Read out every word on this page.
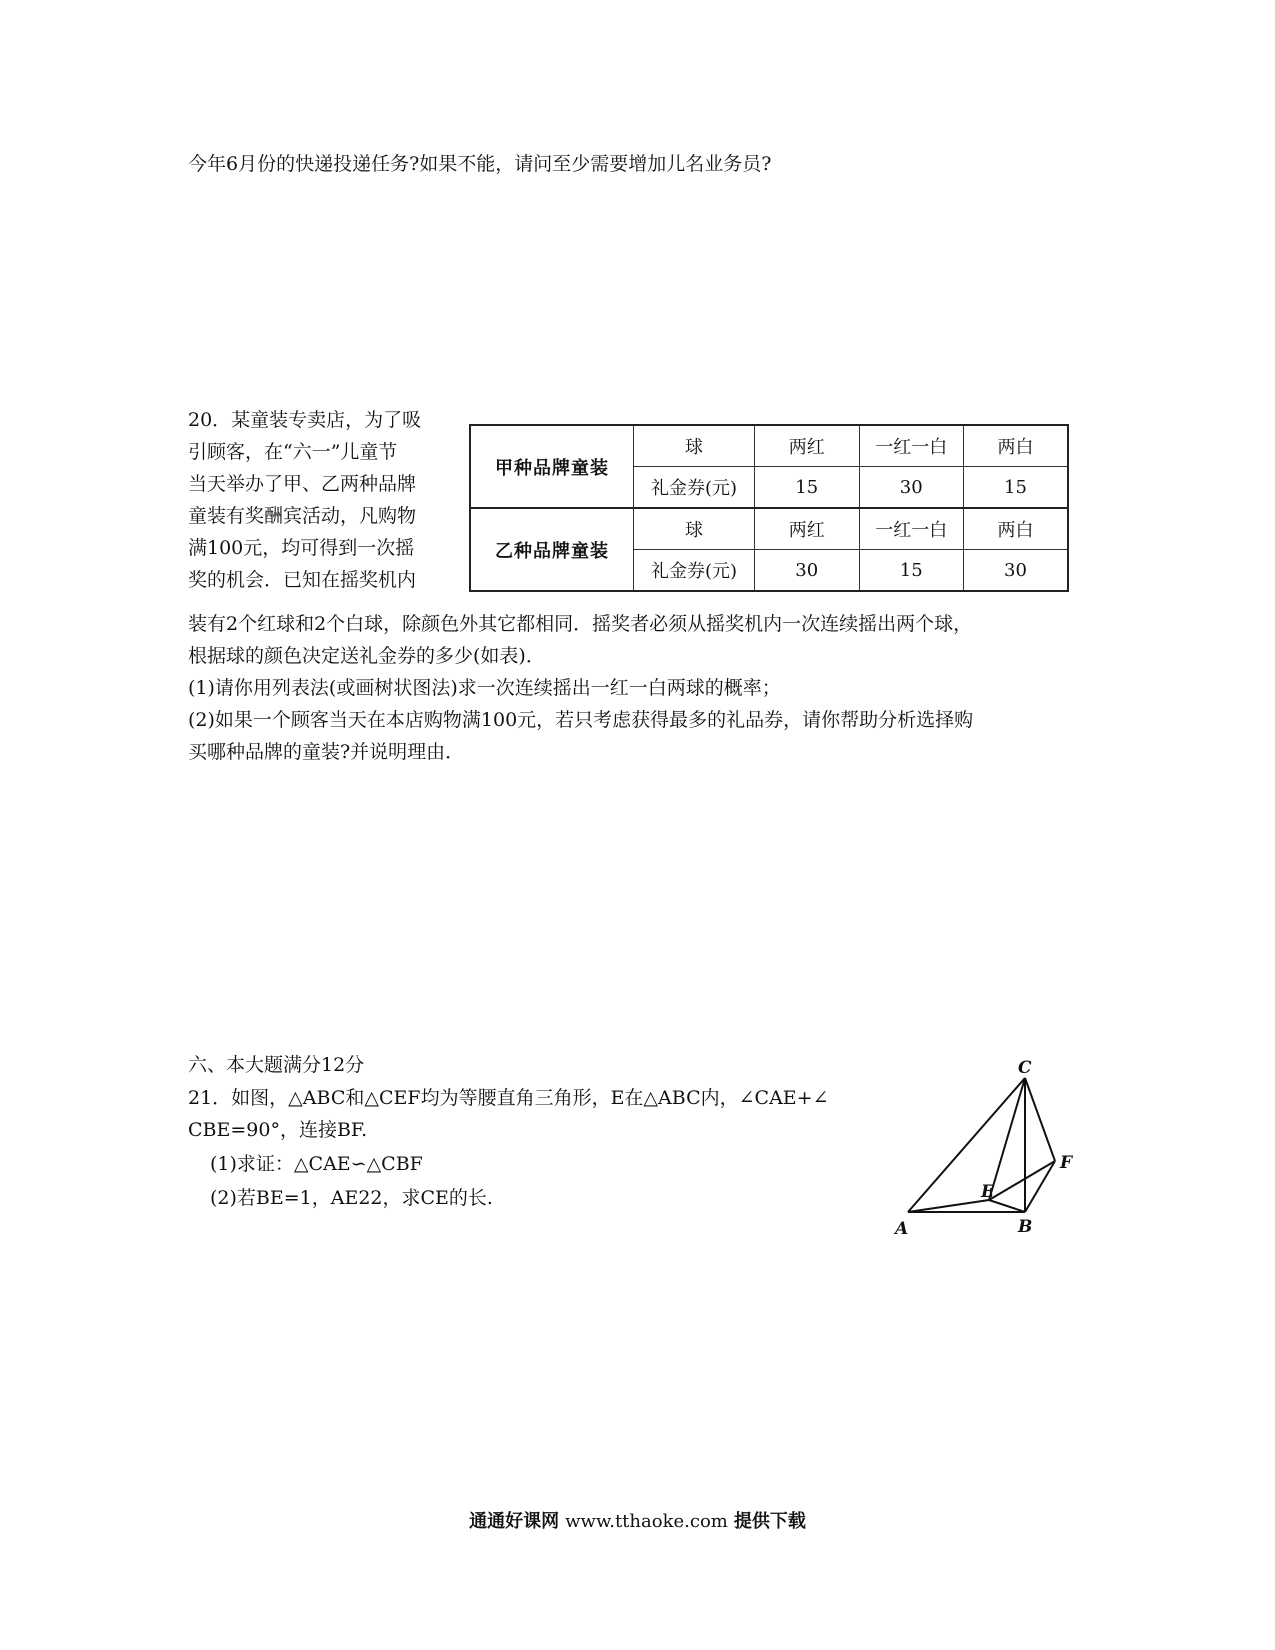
今年6月份的快递投递任务?如果不能，请问至少需要增加儿名业务员?
20．某童装专卖店，为了吸
引顾客，在“六一”儿童节
当天举办了甲、乙两种品牌
童装有奖酬宾活动，凡购物
满100元，均可得到一次摇
奖的机会．已知在摇奖机内
甲种品牌童装	球	两红	一红一白	两白
	礼金券(元)	15	30	15
乙种品牌童装	球	两红	一红一白	两白
	礼金券(元)	30	15	30
装有2个红球和2个白球，除颜色外其它都相同．摇奖者必须从摇奖机内一次连续摇出两个球，
根据球的颜色决定送礼金券的多少(如表)．
(1)请你用列表法(或画树状图法)求一次连续摇出一红一白两球的概率；
(2)如果一个顾客当天在本店购物满100元，若只考虑获得最多的礼品券，请你帮助分析选择购
买哪种品牌的童装?并说明理由．
六、本大题满分12分
21．如图，△ABC和△CEF均为等腰直角三角形，E在△ABC内，∠CAE+∠
CBE=90°，连接BF.
(1)求证：△CAE∽△CBF
(2)若BE=1，AE22，求CE的长.
C
F
E
A	B
通通好课网 www.tthaoke.com 提供下载
